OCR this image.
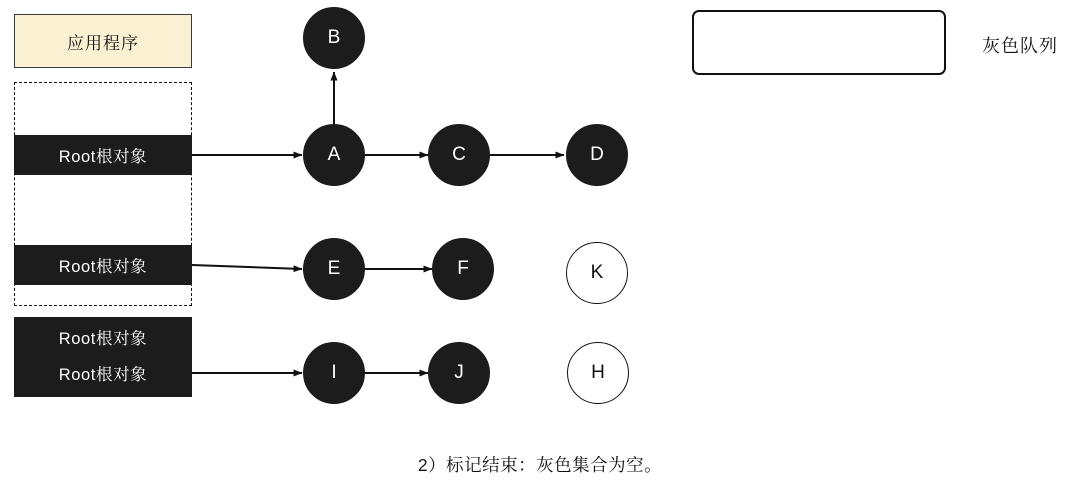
应用程序
Root根对象
Root根对象
Root根对象
Root根对象
B
A	C	D
E	F	K
I	J	H
灰色队列
2）标记结束：灰色集合为空。
